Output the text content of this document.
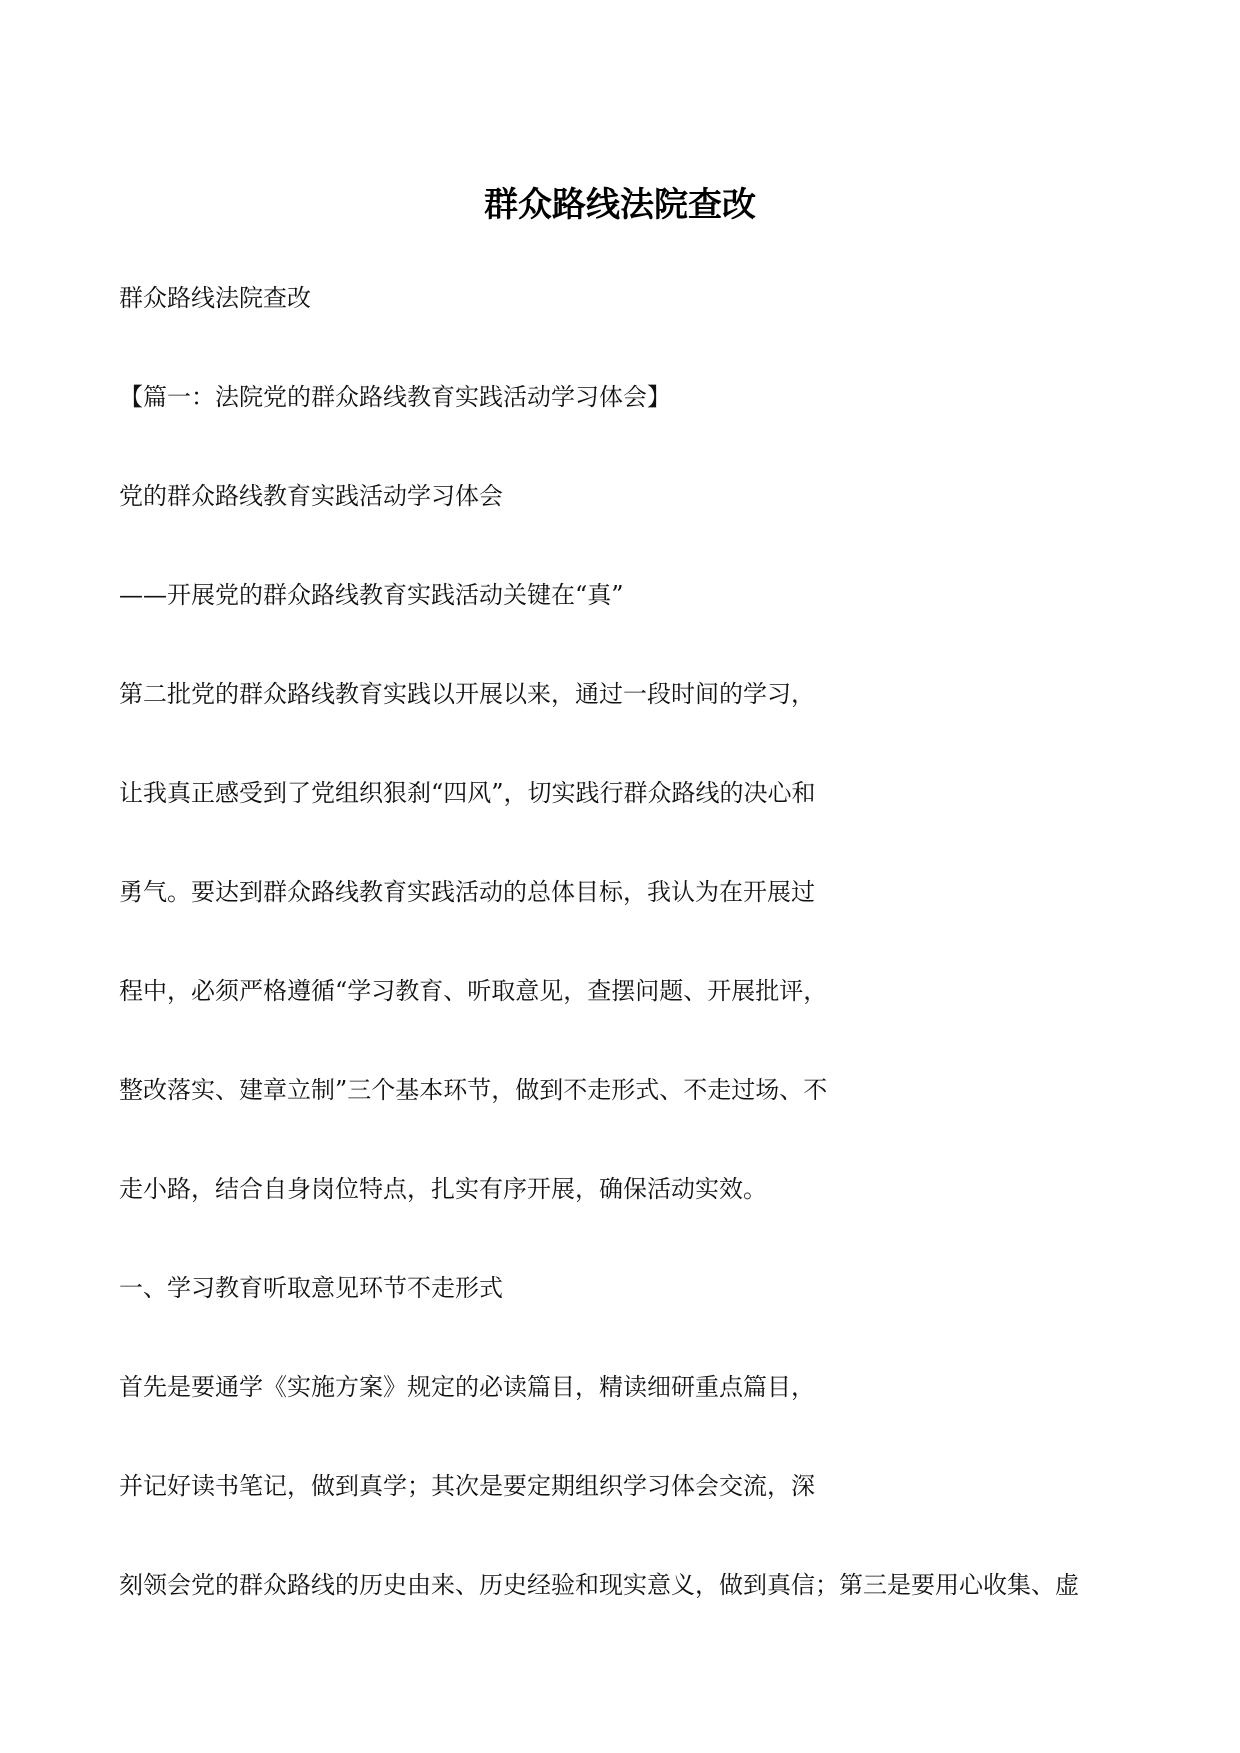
群众路线法院查改
群众路线法院查改
【篇一：法院党的群众路线教育实践活动学习体会】
党的群众路线教育实践活动学习体会
——开展党的群众路线教育实践活动关键在“真”
第二批党的群众路线教育实践以开展以来，通过一段时间的学习，
让我真正感受到了党组织狠刹“四风”，切实践行群众路线的决心和
勇气。要达到群众路线教育实践活动的总体目标，我认为在开展过
程中，必须严格遵循“学习教育、听取意见，查摆问题、开展批评，
整改落实、建章立制”三个基本环节，做到不走形式、不走过场、不
走小路，结合自身岗位特点，扎实有序开展，确保活动实效。
一、学习教育听取意见环节不走形式
首先是要通学《实施方案》规定的必读篇目，精读细研重点篇目，
并记好读书笔记，做到真学；其次是要定期组织学习体会交流，深
刻领会党的群众路线的历史由来、历史经验和现实意义，做到真信；第三是要用心收集、虚
